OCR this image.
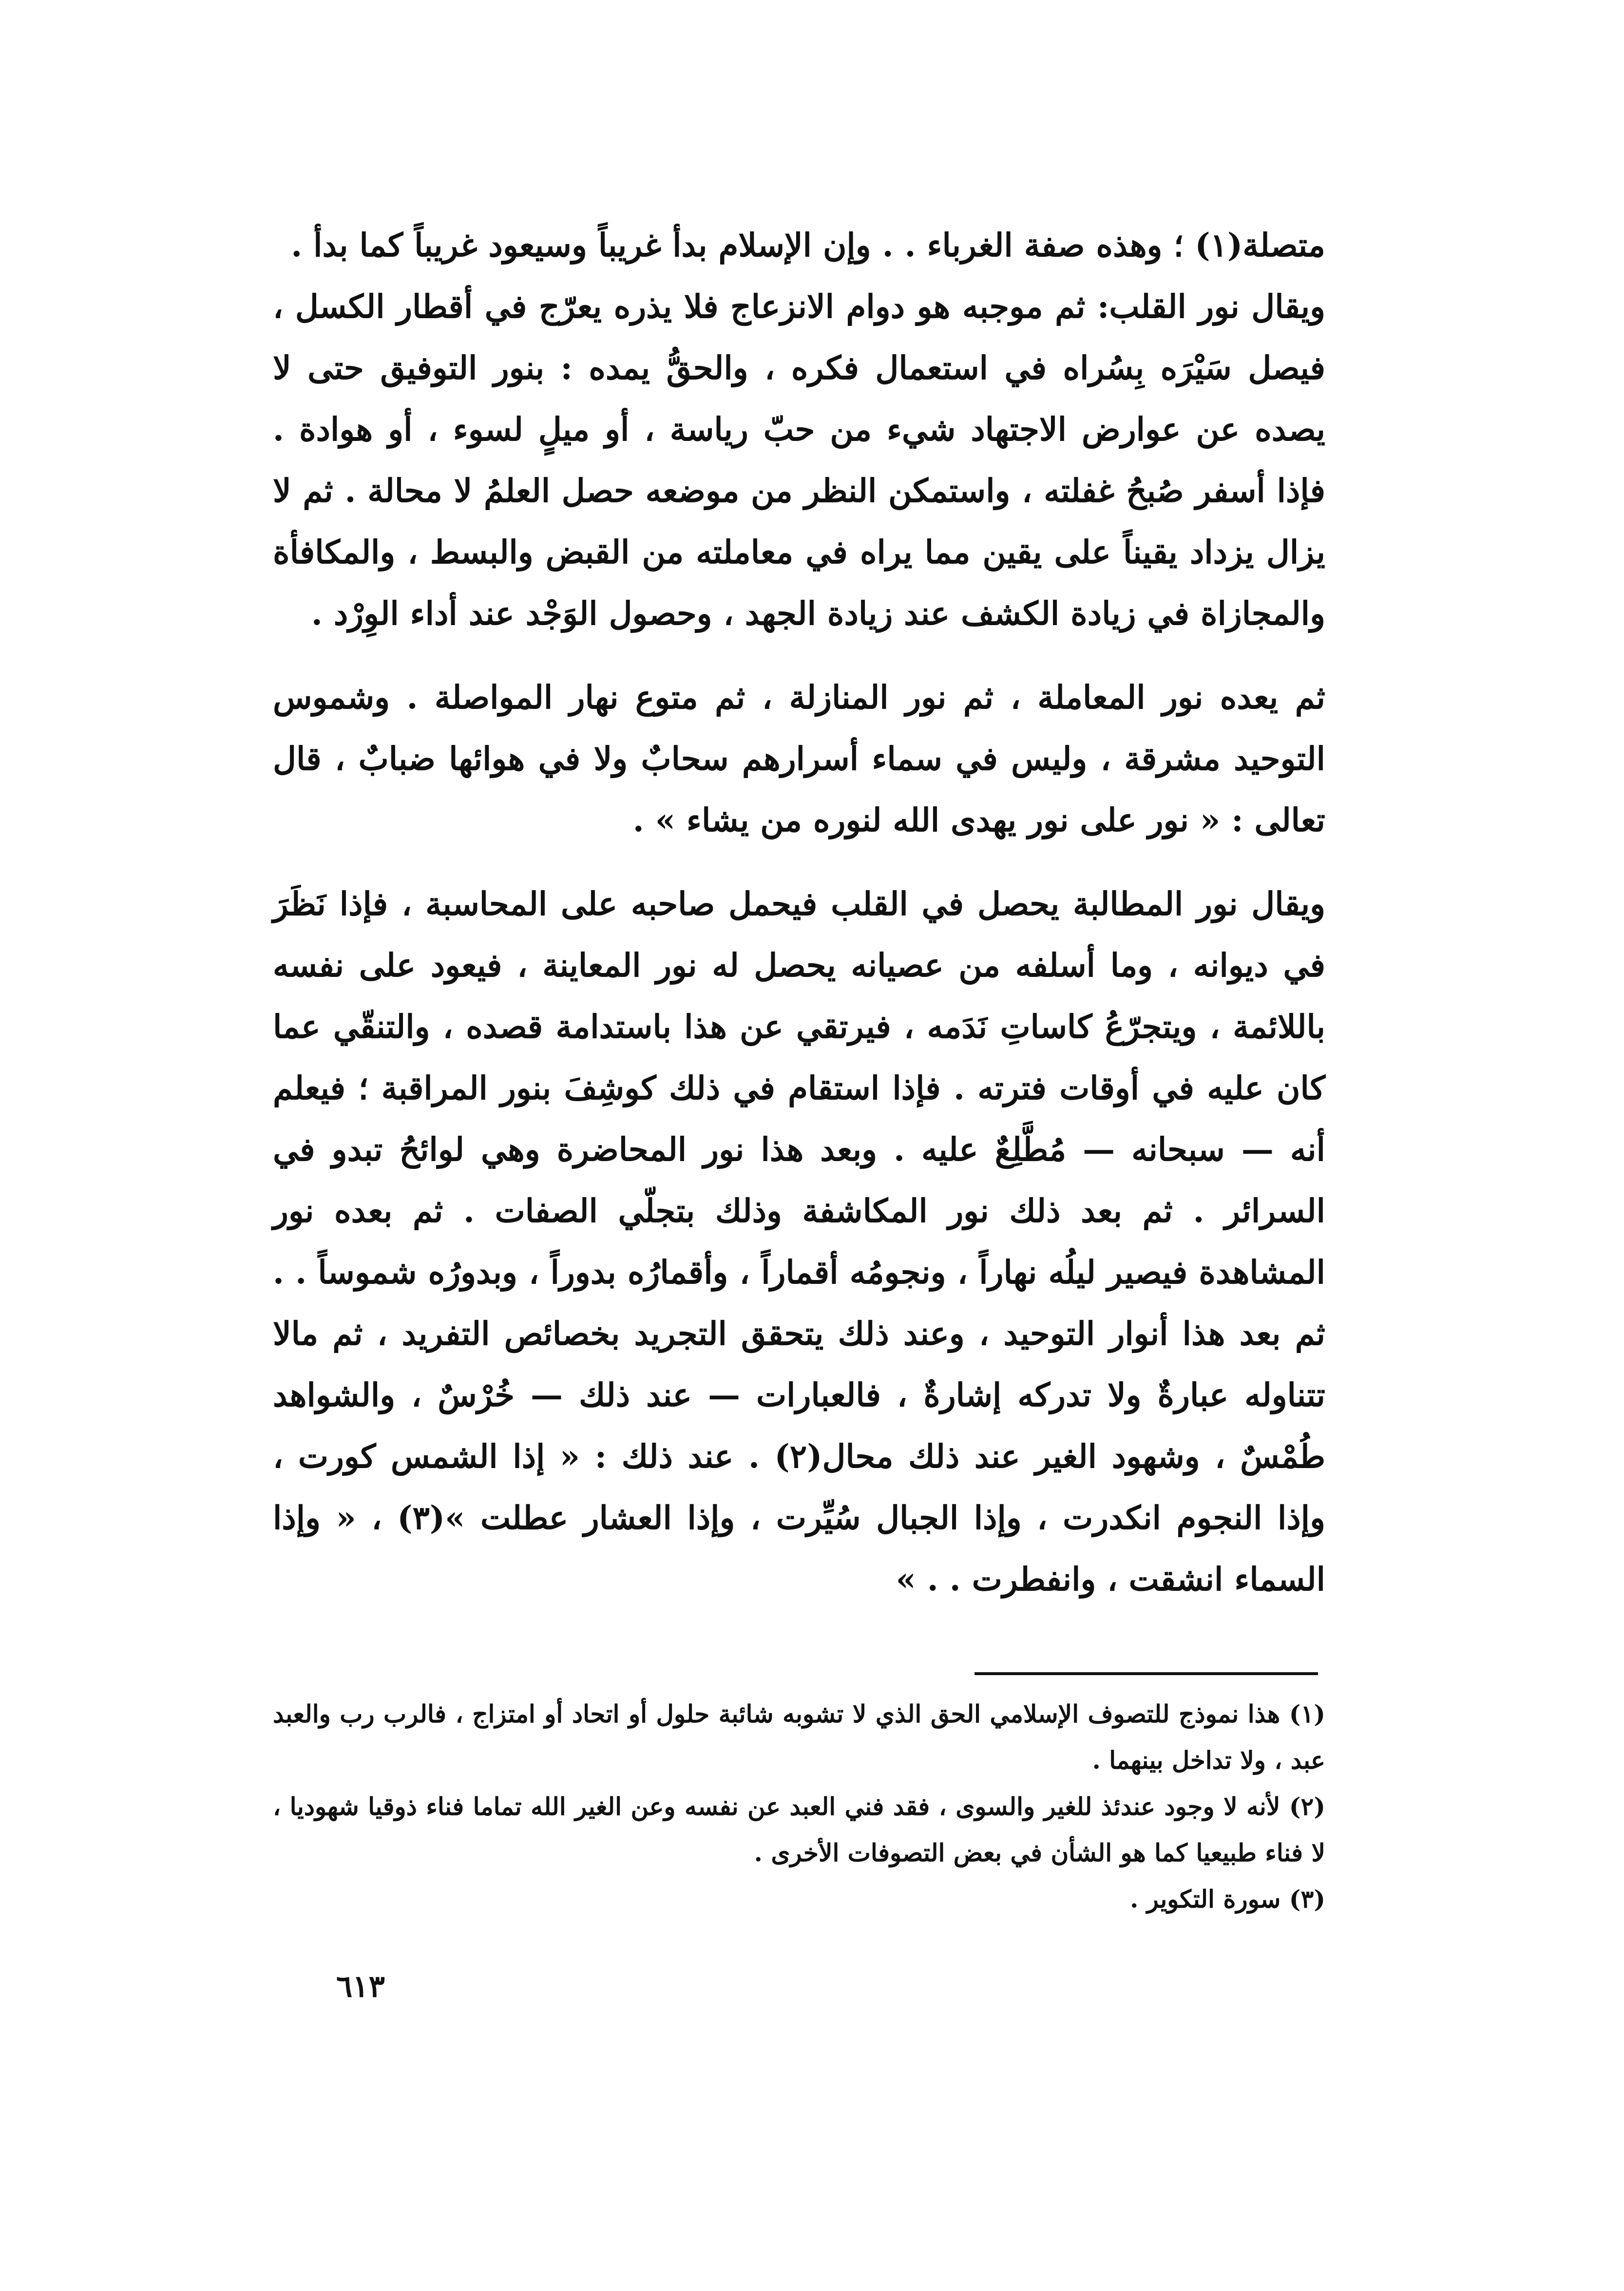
متصلة(١) ؛ وهذه صفة الغرباء . . وإن الإسلام بدأ غريباً وسيعود غريباً كما بدأ .

ويقال نور القلب: ثم موجبه هو دوام الانزعاج فلا يذره يعرّج في أقطار الكسل ، فيصل سَيْرَه بِسُراه في استعمال فكره ، والحقُّ يمده : بنور التوفيق حتى لا يصده عن عوارض الاجتهاد شيء من حبّ رياسة ، أو ميلٍ لسوء ، أو هوادة . فإذا أسفر صُبحُ غفلته ، واستمكن النظر من موضعه حصل العلمُ لا محالة . ثم لا يزال يزداد يقيناً على يقين مما يراه في معاملته من القبض والبسط ، والمكافأة والمجازاة في زيادة الكشف عند زيادة الجهد ، وحصول الوَجْد عند أداء الوِرْد .

ثم يعده نور المعاملة ، ثم نور المنازلة ، ثم متوع نهار المواصلة . وشموس التوحيد مشرقة ، وليس في سماء أسرارهم سحابٌ ولا في هوائها ضبابٌ ، قال تعالى : « نور على نور يهدى الله لنوره من يشاء » .

ويقال نور المطالبة يحصل في القلب فيحمل صاحبه على المحاسبة ، فإذا نَظَرَ في ديوانه ، وما أسلفه من عصيانه يحصل له نور المعاينة ، فيعود على نفسه باللائمة ، ويتجرّعُ كاساتِ نَدَمه ، فيرتقي عن هذا باستدامة قصده ، والتنقّي عما كان عليه في أوقات فترته . فإذا استقام في ذلك كوشِفَ بنور المراقبة ؛ فيعلم أنه — سبحانه — مُطَّلِعٌ عليه . وبعد هذا نور المحاضرة وهي لوائحُ تبدو في السرائر . ثم بعد ذلك نور المكاشفة وذلك بتجلّي الصفات . ثم بعده نور المشاهدة فيصير ليلُه نهاراً ، ونجومُه أقماراً ، وأقمارُه بدوراً ، وبدورُه شموساً . . ثم بعد هذا أنوار التوحيد ، وعند ذلك يتحقق التجريد بخصائص التفريد ، ثم مالا تتناوله عبارةٌ ولا تدركه إشارةٌ ، فالعبارات — عند ذلك — خُرْسٌ ، والشواهد طُمْسٌ ، وشهود الغير عند ذلك محال(٢) . عند ذلك : « إذا الشمس كورت ، وإذا النجوم انكدرت ، وإذا الجبال سُيِّرت ، وإذا العشار عطلت »(٣) ، « وإذا السماء انشقت ، وانفطرت . . »

(١) هذا نموذج للتصوف الإسلامي الحق الذي لا تشوبه شائبة حلول أو اتحاد أو امتزاج ، فالرب رب والعبد عبد ، ولا تداخل بينهما .

(٢) لأنه لا وجود عندئذ للغير والسوى ، فقد فني العبد عن نفسه وعن الغير الله تماما فناء ذوقيا شهوديا ، لا فناء طبيعيا كما هو الشأن في بعض التصوفات الأخرى .

(٣) سورة التكوير .

٦١٣
